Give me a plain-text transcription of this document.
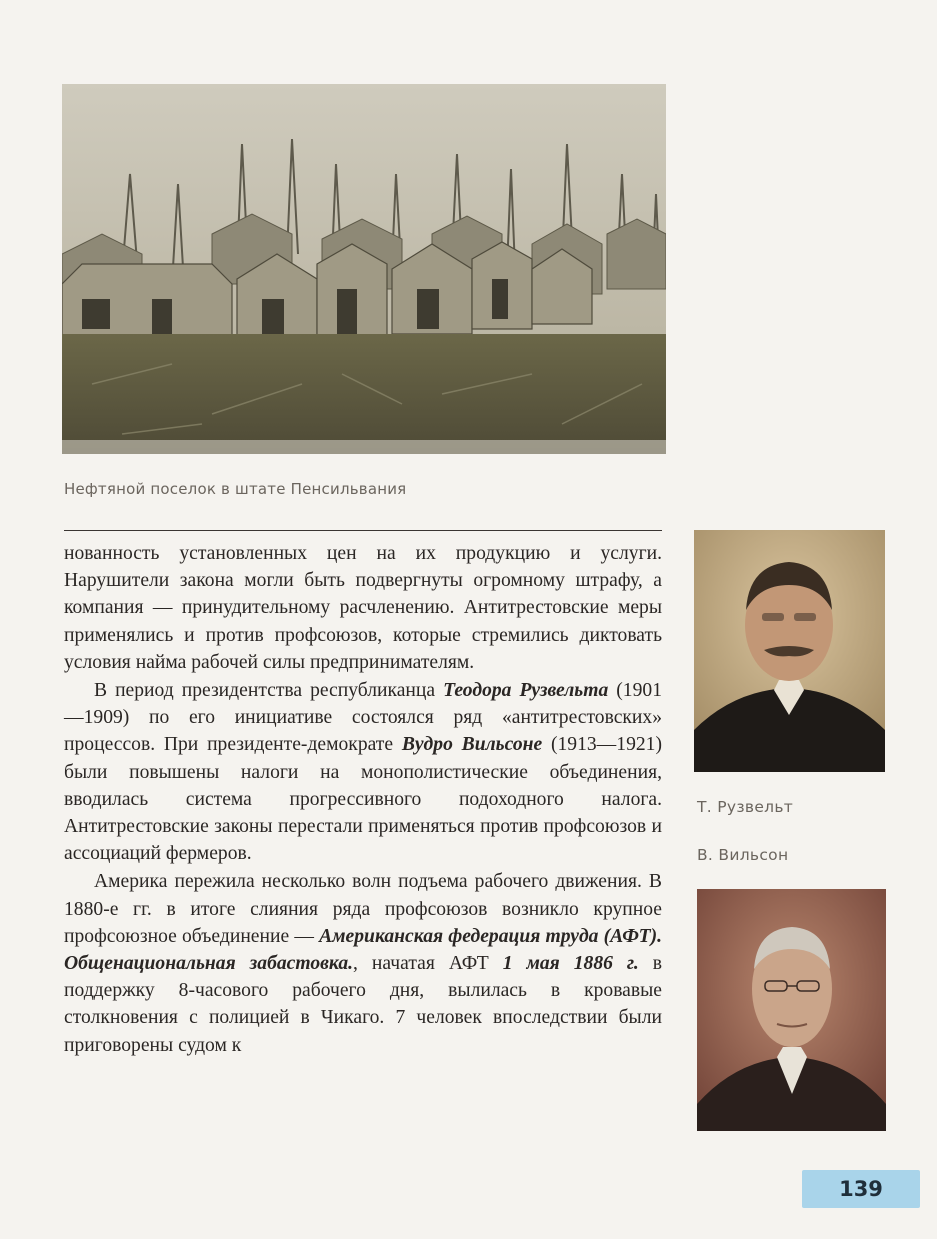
Нефтяной поселок в штате Пенсильвания

нованность установленных цен на их продукцию и услуги. Нарушители закона могли быть подвергнуты огромному штрафу, а компания — принудительному расчленению. Антитрестовские меры применялись и против профсоюзов, которые стремились диктовать условия найма рабочей силы предпринимателям.

В период президентства республиканца Теодора Рузвельта (1901—1909) по его инициативе состоялся ряд «антитрестовских» процессов. При президенте-демократе Вудро Вильсоне (1913—1921) были повышены налоги на монополистические объединения, вводилась система прогрессивного подоходного налога. Антитрестовские законы перестали применяться против профсоюзов и ассоциаций фермеров.

Америка пережила несколько волн подъема рабочего движения. В 1880-е гг. в итоге слияния ряда профсоюзов возникло крупное профсоюзное объединение — Американская федерация труда (АФТ). Общенациональная забастовка., начатая АФТ 1 мая 1886 г. в поддержку 8-часового рабочего дня, вылилась в кровавые столкновения с полицией в Чикаго. 7 человек впоследствии были приговорены судом к

Т. Рузвельт
В. Вильсон
139
